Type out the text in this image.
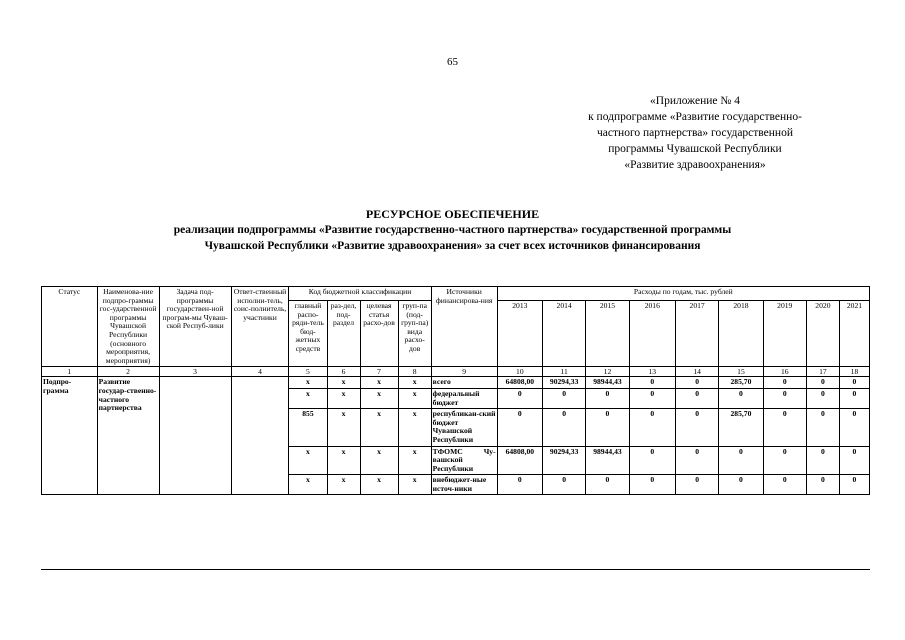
65
«Приложение № 4
к подпрограмме «Развитие государственно-
частного партнерства» государственной
программы Чувашской Республики
«Развитие здравоохранения»
РЕСУРСНОЕ ОБЕСПЕЧЕНИЕ
реализации подпрограммы «Развитие государственно-частного партнерства» государственной программы
Чувашской Республики «Развитие здравоохранения» за счет всех источников финансирования
Статус	Наименова-ние подпро-граммы гос-ударственной программы Чувашской Республики (основного мероприятия, мероприятия)	Задача под-программы государствен-ной програм-мы Чуваш-ской Респуб-лики	Ответ-ственный исполни-тель, соис-полнитель, участники	Код бюджетной классификации				Источники финансирова-ния	Расходы по годам, тыс. рублей								
				главный распо-ряди-тель бюд-жетных средств	раз-дел, под-раздел	целевая статья расхо-дов	груп-па (под-груп-па) вида расхо-дов		2013	2014	2015	2016	2017	2018	2019	2020	2021
1	2	3	4	5	6	7	8	9	10	11	12	13	14	15	16	17	18
Подпро-грамма	Развитие государ-ственно-частного партнерства			х	х	х	х	всего	64808,00	90294,33	98944,43	0	0	285,70	0	0	0
				х	х	х	х	федеральный бюджет	0	0	0	0	0	0	0	0	0
				855	х	х	х	республикан-ский бюджет Чувашской Республики	0	0	0	0	0	285,70	0	0	0
				х	х	х	х	ТФОМС Чу-вашской Республики	64808,00	90294,33	98944,43	0	0	0	0	0	0
				х	х	х	х	внебюджет-ные источ-ники	0	0	0	0	0	0	0	0	0
